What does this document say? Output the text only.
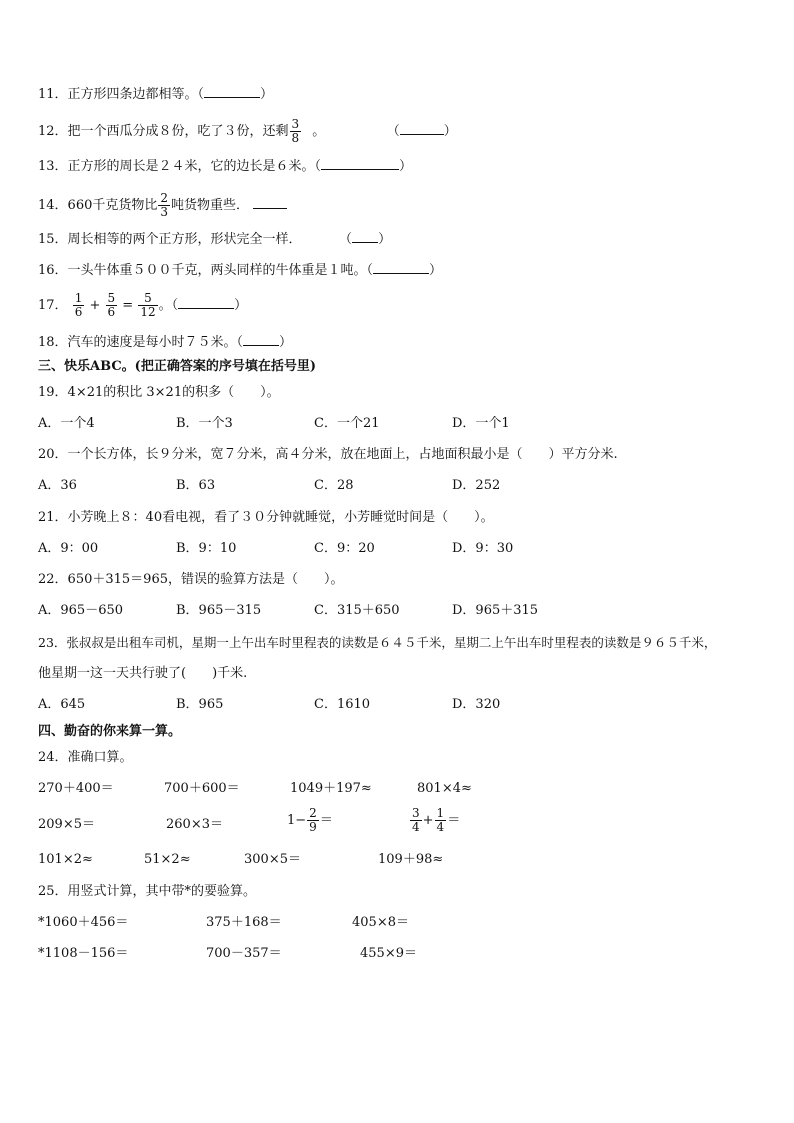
11．正方形四条边都相等。（	）
12．把一个西瓜分成８份，吃了３份，还剩 $\frac{3}{8}$ 。	（	）
13．正方形的周长是２４米，它的边长是６米。（	）
14．660千克货物比 $\frac{2}{3}$ 吨货物重些．
15．周长相等的两个正方形，形状完全一样．	（ ）
16．一头牛体重５００千克，两头同样的牛体重是１吨。（	）
17． $\frac{1}{6} + \frac{5}{6} = \frac{5}{12}$ 。（	）
18．汽车的速度是每小时７５米。（	）
三、快乐ABC。(把正确答案的序号填在括号里)
19．4×21的积比 3×21的积多（　　）。
A．一个4	B．一个3	C．一个21	D．一个1
20．一个长方体，长９分米，宽７分米，高４分米，放在地面上，占地面积最小是（　　）平方分米.
A．36	B．63	C．28	D．252
21．小芳晚上８：40看电视，看了３０分钟就睡觉，小芳睡觉时间是（　　）。
A．9：00	B．9：10	C．9：20	D．9：30
22．650＋315＝965，错误的验算方法是（　　）。
A．965－650	B．965－315	C．315＋650	D．965＋315
23．张叔叔是出租车司机，星期一上午出车时里程表的读数是６４５千米，星期二上午出车时里程表的读数是９６５千米，
他星期一这一天共行驶了(　　)千米.
A．645	B．965	C．1610	D．320
四、勤奋的你来算一算。
24．准确口算。
270＋400＝	700＋600＝	1049＋197≈	801×4≈
209×5＝	260×3＝	$1- \frac{2}{9}$ ＝	$\frac{3}{4} + \frac{1}{4}$ ＝
101×2≈	51×2≈	300×5＝	109＋98≈
25．用竖式计算，其中带*的要验算。
*1060＋456＝	375＋168＝	405×8＝
*1108－156＝	700－357＝	455×9＝
